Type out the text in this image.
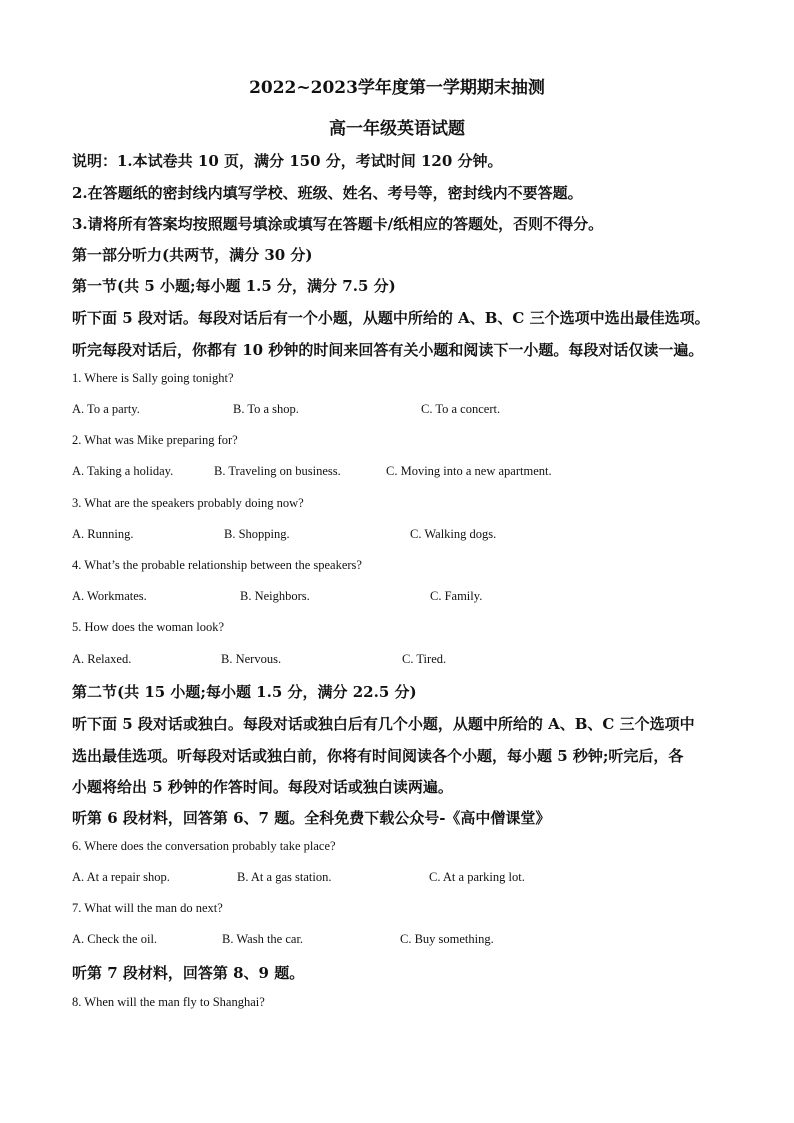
2022~2023学年度第一学期期末抽测
高一年级英语试题
说明：1.本试卷共 10 页，满分 150 分，考试时间 120 分钟。
2.在答题纸的密封线内填写学校、班级、姓名、考号等，密封线内不要答题。
3.请将所有答案均按照题号填涂或填写在答题卡/纸相应的答题处，否则不得分。
第一部分听力(共两节，满分 30 分)
第一节(共 5 小题;每小题 1.5 分，满分 7.5 分)
听下面 5 段对话。每段对话后有一个小题，从题中所给的 A、B、C 三个选项中选出最佳选项。
听完每段对话后，你都有 10 秒钟的时间来回答有关小题和阅读下一小题。每段对话仅读一遍。
1. Where is Sally going tonight?
A. To a party.	B. To a shop.	C. To a concert.
2. What was Mike preparing for?
A. Taking a holiday.	B. Traveling on business.	C. Moving into a new apartment.
3. What are the speakers probably doing now?
A. Running.	B. Shopping.	C. Walking dogs.
4. What’s the probable relationship between the speakers?
A. Workmates.	B. Neighbors.	C. Family.
5. How does the woman look?
A. Relaxed.	B. Nervous.	C. Tired.
第二节(共 15 小题;每小题 1.5 分，满分 22.5 分)
听下面 5 段对话或独白。每段对话或独白后有几个小题，从题中所给的 A、B、C 三个选项中
选出最佳选项。听每段对话或独白前，你将有时间阅读各个小题，每小题 5 秒钟;听完后，各
小题将给出 5 秒钟的作答时间。每段对话或独白读两遍。
听第 6 段材料，回答第 6、7 题。全科免费下载公众号-《高中僧课堂》
6. Where does the conversation probably take place?
A. At a repair shop.	B. At a gas station.	C. At a parking lot.
7. What will the man do next?
A. Check the oil.	B. Wash the car.	C. Buy something.
听第 7 段材料，回答第 8、9 题。
8. When will the man fly to Shanghai?
